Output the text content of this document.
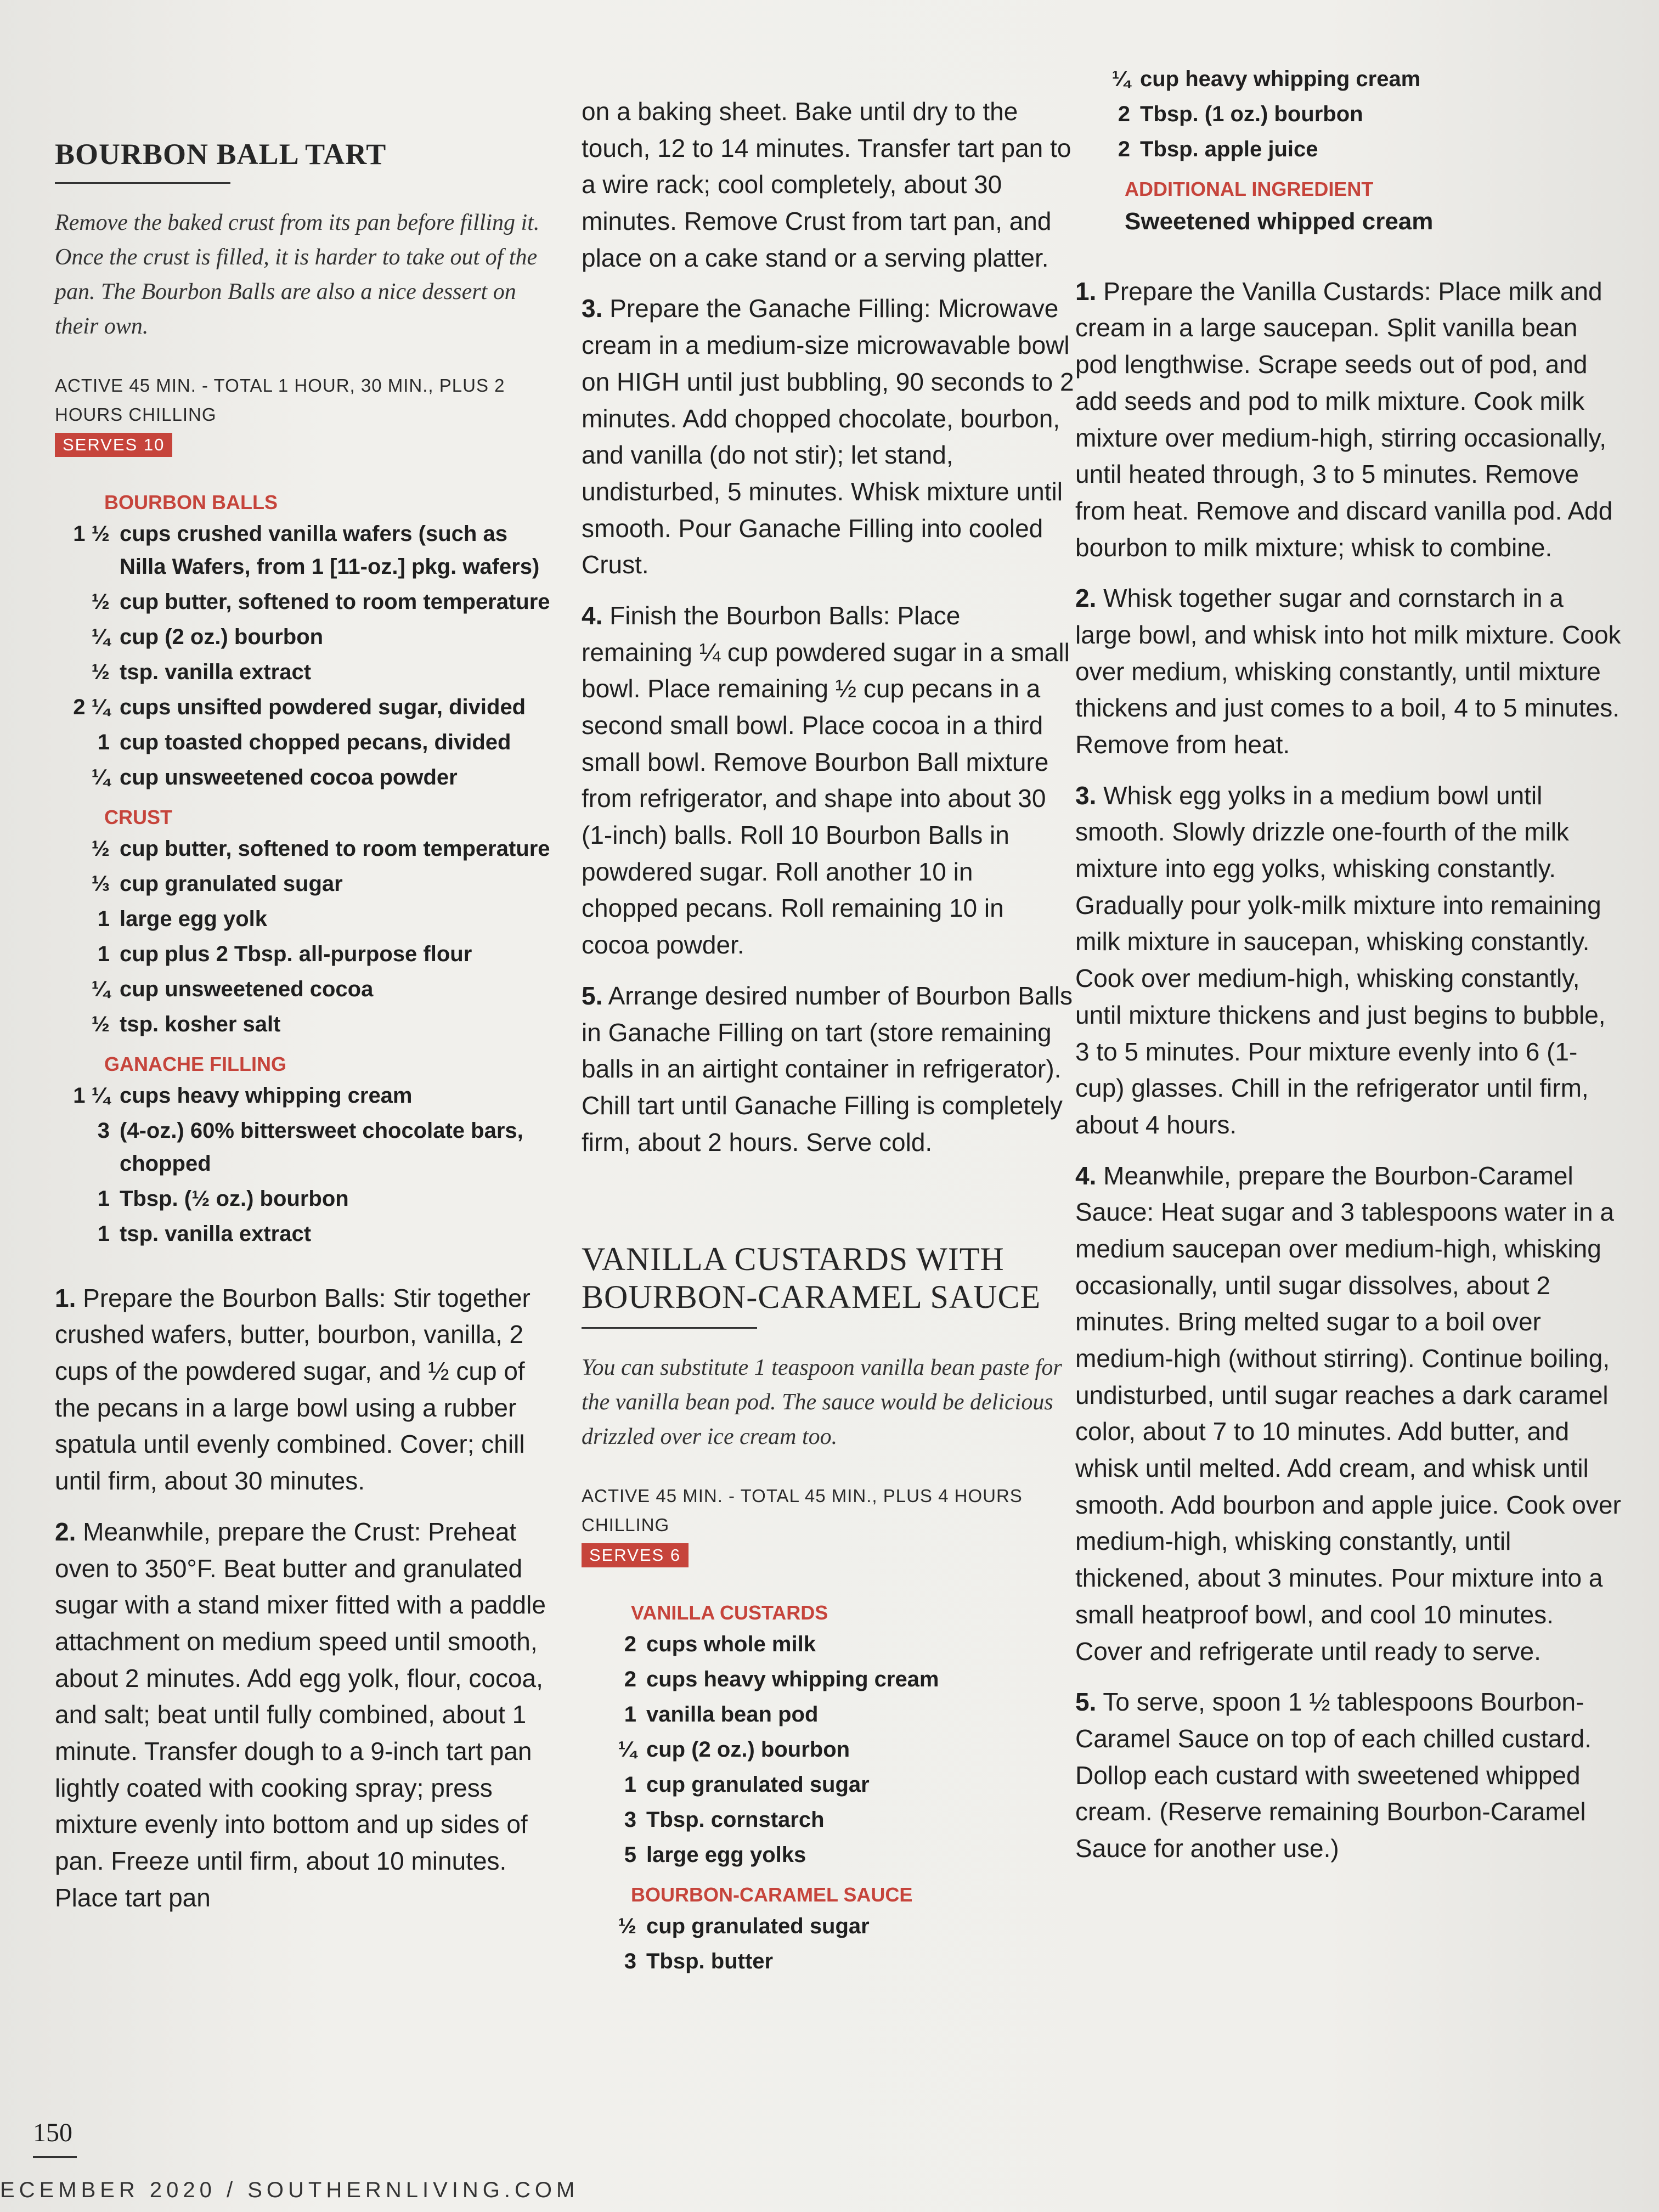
BOURBON BALL TART

Remove the baked crust from its pan before filling it. Once the crust is filled, it is harder to take out of the pan. The Bourbon Balls are also a nice dessert on their own.

ACTIVE 45 MIN. - TOTAL 1 HOUR, 30 MIN., PLUS 2 HOURS CHILLING
SERVES 10
BOURBON BALLS
1 ½ cups crushed vanilla wafers (such as Nilla Wafers, from 1 [11-oz.] pkg. wafers)
½ cup butter, softened to room temperature
¼ cup (2 oz.) bourbon
½ tsp. vanilla extract
2 ¼ cups unsifted powdered sugar, divided
1 cup toasted chopped pecans, divided
¼ cup unsweetened cocoa powder
CRUST
½ cup butter, softened to room temperature
⅓ cup granulated sugar
1 large egg yolk
1 cup plus 2 Tbsp. all-purpose flour
¼ cup unsweetened cocoa
½ tsp. kosher salt
GANACHE FILLING
1 ¼ cups heavy whipping cream
3 (4-oz.) 60% bittersweet chocolate bars, chopped
1 Tbsp. (½ oz.) bourbon
1 tsp. vanilla extract

1. Prepare the Bourbon Balls: Stir together crushed wafers, butter, bourbon, vanilla, 2 cups of the powdered sugar, and ½ cup of the pecans in a large bowl using a rubber spatula until evenly combined. Cover; chill until firm, about 30 minutes.

2. Meanwhile, prepare the Crust: Preheat oven to 350°F. Beat butter and granulated sugar with a stand mixer fitted with a paddle attachment on medium speed until smooth, about 2 minutes. Add egg yolk, flour, cocoa, and salt; beat until fully combined, about 1 minute. Transfer dough to a 9-inch tart pan lightly coated with cooking spray; press mixture evenly into bottom and up sides of pan. Freeze until firm, about 10 minutes. Place tart pan

on a baking sheet. Bake until dry to the touch, 12 to 14 minutes. Transfer tart pan to a wire rack; cool completely, about 30 minutes. Remove Crust from tart pan, and place on a cake stand or a serving platter.

3. Prepare the Ganache Filling: Microwave cream in a medium-size microwavable bowl on HIGH until just bubbling, 90 seconds to 2 minutes. Add chopped chocolate, bourbon, and vanilla (do not stir); let stand, undisturbed, 5 minutes. Whisk mixture until smooth. Pour Ganache Filling into cooled Crust.

4. Finish the Bourbon Balls: Place remaining ¼ cup powdered sugar in a small bowl. Place remaining ½ cup pecans in a second small bowl. Place cocoa in a third small bowl. Remove Bourbon Ball mixture from refrigerator, and shape into about 30 (1-inch) balls. Roll 10 Bourbon Balls in powdered sugar. Roll another 10 in chopped pecans. Roll remaining 10 in cocoa powder.

5. Arrange desired number of Bourbon Balls in Ganache Filling on tart (store remaining balls in an airtight container in refrigerator). Chill tart until Ganache Filling is completely firm, about 2 hours. Serve cold.

VANILLA CUSTARDS WITH
BOURBON-CARAMEL SAUCE

You can substitute 1 teaspoon vanilla bean paste for the vanilla bean pod. The sauce would be delicious drizzled over ice cream too.

ACTIVE 45 MIN. - TOTAL 45 MIN., PLUS 4 HOURS CHILLING
SERVES 6
VANILLA CUSTARDS
2 cups whole milk
2 cups heavy whipping cream
1 vanilla bean pod
¼ cup (2 oz.) bourbon
1 cup granulated sugar
3 Tbsp. cornstarch
5 large egg yolks
BOURBON-CARAMEL SAUCE
½ cup granulated sugar
3 Tbsp. butter
¼ cup heavy whipping cream
2 Tbsp. (1 oz.) bourbon
2 Tbsp. apple juice
ADDITIONAL INGREDIENT
Sweetened whipped cream

1. Prepare the Vanilla Custards: Place milk and cream in a large saucepan. Split vanilla bean pod lengthwise. Scrape seeds out of pod, and add seeds and pod to milk mixture. Cook milk mixture over medium-high, stirring occasionally, until heated through, 3 to 5 minutes. Remove from heat. Remove and discard vanilla pod. Add bourbon to milk mixture; whisk to combine.

2. Whisk together sugar and cornstarch in a large bowl, and whisk into hot milk mixture. Cook over medium, whisking constantly, until mixture thickens and just comes to a boil, 4 to 5 minutes. Remove from heat.

3. Whisk egg yolks in a medium bowl until smooth. Slowly drizzle one-fourth of the milk mixture into egg yolks, whisking constantly. Gradually pour yolk-milk mixture into remaining milk mixture in saucepan, whisking constantly. Cook over medium-high, whisking constantly, until mixture thickens and just begins to bubble, 3 to 5 minutes. Pour mixture evenly into 6 (1-cup) glasses. Chill in the refrigerator until firm, about 4 hours.

4. Meanwhile, prepare the Bourbon-Caramel Sauce: Heat sugar and 3 tablespoons water in a medium saucepan over medium-high, whisking occasionally, until sugar dissolves, about 2 minutes. Bring melted sugar to a boil over medium-high (without stirring). Continue boiling, undisturbed, until sugar reaches a dark caramel color, about 7 to 10 minutes. Add butter, and whisk until melted. Add cream, and whisk until smooth. Add bourbon and apple juice. Cook over medium-high, whisking constantly, until thickened, about 3 minutes. Pour mixture into a small heatproof bowl, and cool 10 minutes. Cover and refrigerate until ready to serve.

5. To serve, spoon 1 ½ tablespoons Bourbon-Caramel Sauce on top of each chilled custard. Dollop each custard with sweetened whipped cream. (Reserve remaining Bourbon-Caramel Sauce for another use.)

150
ECEMBER 2020 / SOUTHERNLIVING.COM
